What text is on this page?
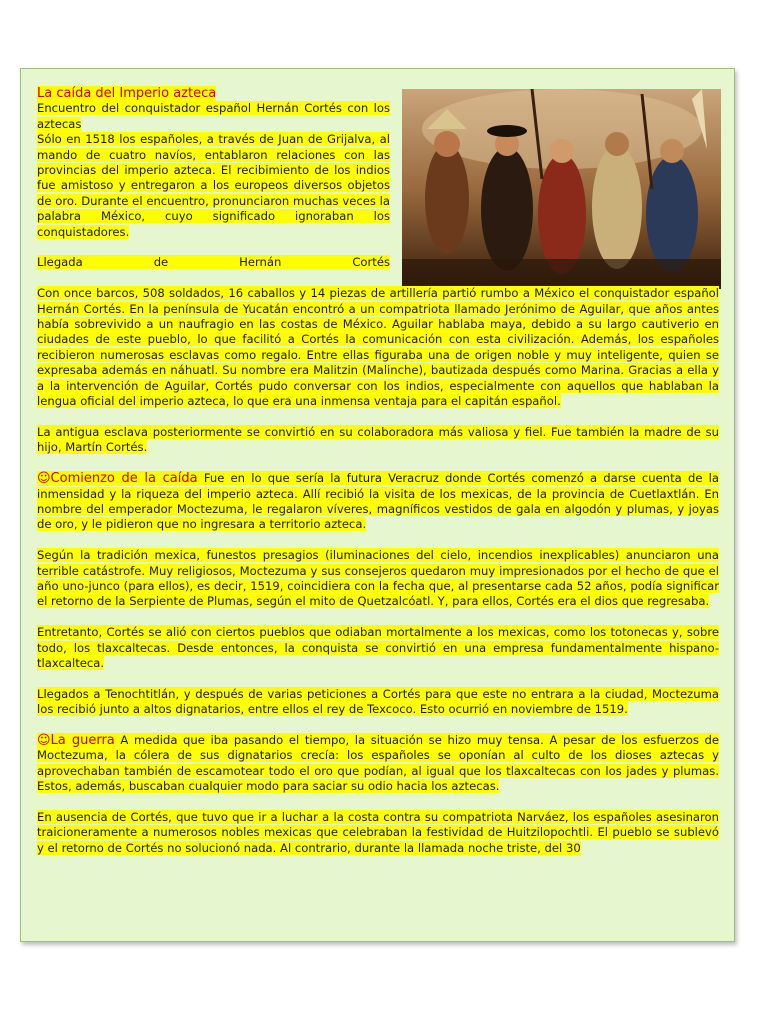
La caída del Imperio azteca

Encuentro del conquistador español Hernán Cortés con los aztecas

Sólo en 1518 los españoles, a través de Juan de Grijalva, al mando de cuatro navíos, entablaron relaciones con las provincias del imperio azteca. El recibimiento de los indios fue amistoso y entregaron a los europeos diversos objetos de oro. Durante el encuentro, pronunciaron muchas veces la palabra México, cuyo significado ignoraban los conquistadores.

Llegada de Hernán Cortés

Con once barcos, 508 soldados, 16 caballos y 14 piezas de artillería partió rumbo a México el conquistador español Hernán Cortés. En la península de Yucatán encontró a un compatriota llamado Jerónimo de Aguilar, que años antes había sobrevivido a un naufragio en las costas de México. Aguilar hablaba maya, debido a su largo cautiverio en ciudades de este pueblo, lo que facilitó a Cortés la comunicación con esta civilización. Además, los españoles recibieron numerosas esclavas como regalo. Entre ellas figuraba una de origen noble y muy inteligente, quien se expresaba además en náhuatl. Su nombre era Malitzin (Malinche), bautizada después como Marina. Gracias a ella y a la intervención de Aguilar, Cortés pudo conversar con los indios, especialmente con aquellos que hablaban la lengua oficial del imperio azteca, lo que era una inmensa ventaja para el capitán español.

La antigua esclava posteriormente se convirtió en su colaboradora más valiosa y fiel. Fue también la madre de su hijo, Martín Cortés.

☺Comienzo de la caída Fue en lo que sería la futura Veracruz donde Cortés comenzó a darse cuenta de la inmensidad y la riqueza del imperio azteca. Allí recibió la visita de los mexicas, de la provincia de Cuetlaxtlán. En nombre del emperador Moctezuma, le regalaron víveres, magníficos vestidos de gala en algodón y plumas, y joyas de oro, y le pidieron que no ingresara a territorio azteca.

Según la tradición mexica, funestos presagios (iluminaciones del cielo, incendios inexplicables) anunciaron una terrible catástrofe. Muy religiosos, Moctezuma y sus consejeros quedaron muy impresionados por el hecho de que el año uno-junco (para ellos), es decir, 1519, coincidiera con la fecha que, al presentarse cada 52 años, podía significar el retorno de la Serpiente de Plumas, según el mito de Quetzalcóatl. Y, para ellos, Cortés era el dios que regresaba.

Entretanto, Cortés se alió con ciertos pueblos que odiaban mortalmente a los mexicas, como los totonecas y, sobre todo, los tlaxcaltecas. Desde entonces, la conquista se convirtió en una empresa fundamentalmente hispano-tlaxcalteca.

Llegados a Tenochtitlán, y después de varias peticiones a Cortés para que este no entrara a la ciudad, Moctezuma los recibió junto a altos dignatarios, entre ellos el rey de Texcoco. Esto ocurrió en noviembre de 1519.

☺La guerra A medida que iba pasando el tiempo, la situación se hizo muy tensa. A pesar de los esfuerzos de Moctezuma, la cólera de sus dignatarios crecía: los españoles se oponían al culto de los dioses aztecas y aprovechaban también de escamotear todo el oro que podían, al igual que los tlaxcaltecas con los jades y plumas. Estos, además, buscaban cualquier modo para saciar su odio hacia los aztecas.

En ausencia de Cortés, que tuvo que ir a luchar a la costa contra su compatriota Narváez, los españoles asesinaron traicioneramente a numerosos nobles mexicas que celebraban la festividad de Huitzilopochtli. El pueblo se sublevó y el retorno de Cortés no solucionó nada. Al contrario, durante la llamada noche triste, del 30
